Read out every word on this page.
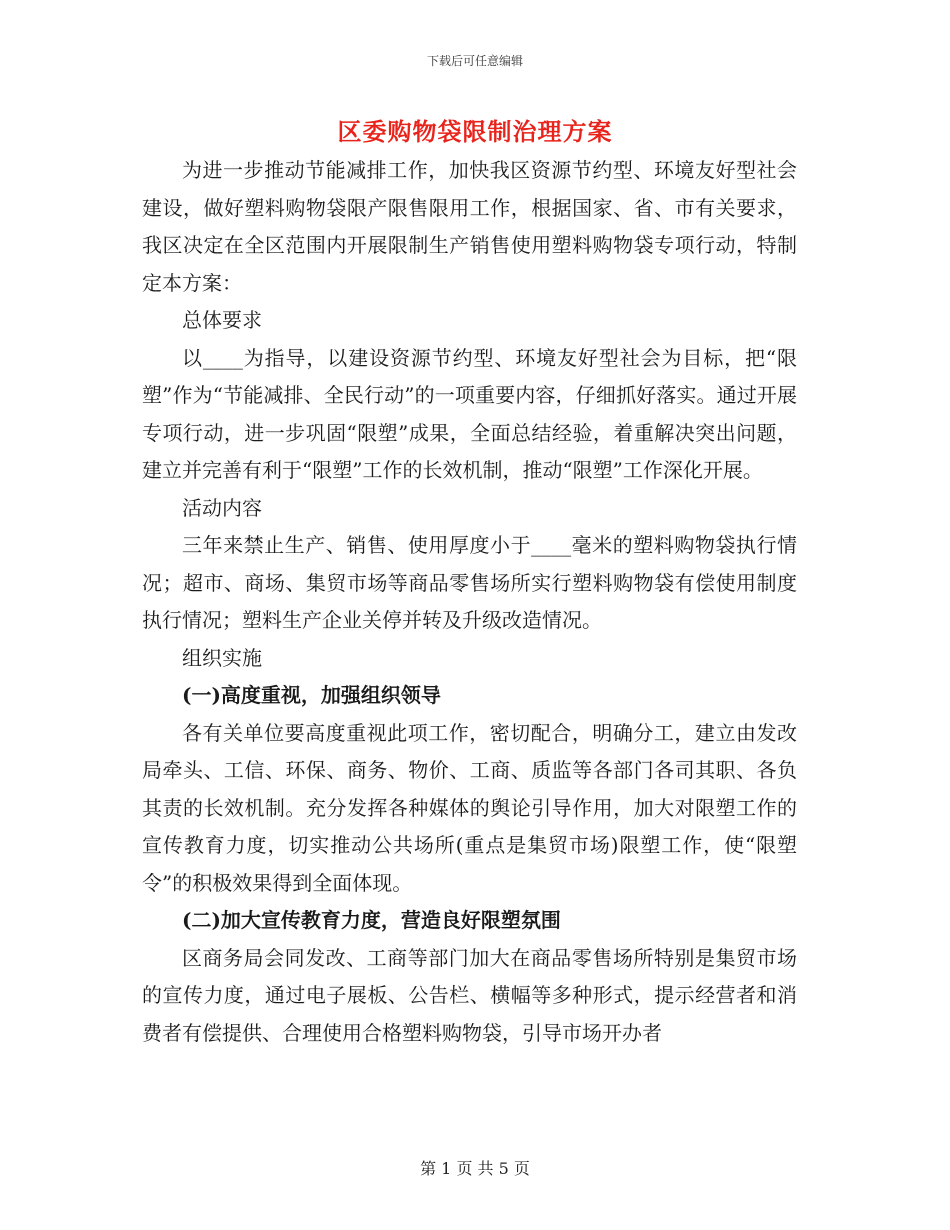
下载后可任意编辑
区委购物袋限制治理方案

为进一步推动节能减排工作，加快我区资源节约型、环境友好型社会建设，做好塑料购物袋限产限售限用工作，根据国家、省、市有关要求，我区决定在全区范围内开展限制生产销售使用塑料购物袋专项行动，特制定本方案：

总体要求

以____为指导，以建设资源节约型、环境友好型社会为目标，把“限塑”作为“节能减排、全民行动”的一项重要内容，仔细抓好落实。通过开展专项行动，进一步巩固“限塑”成果，全面总结经验，着重解决突出问题，建立并完善有利于“限塑”工作的长效机制，推动“限塑”工作深化开展。

活动内容

三年来禁止生产、销售、使用厚度小于____毫米的塑料购物袋执行情况；超市、商场、集贸市场等商品零售场所实行塑料购物袋有偿使用制度执行情况；塑料生产企业关停并转及升级改造情况。

组织实施

(一)高度重视，加强组织领导

各有关单位要高度重视此项工作，密切配合，明确分工，建立由发改局牵头、工信、环保、商务、物价、工商、质监等各部门各司其职、各负其责的长效机制。充分发挥各种媒体的舆论引导作用，加大对限塑工作的宣传教育力度，切实推动公共场所(重点是集贸市场)限塑工作，使“限塑令”的积极效果得到全面体现。

(二)加大宣传教育力度，营造良好限塑氛围

区商务局会同发改、工商等部门加大在商品零售场所特别是集贸市场的宣传力度，通过电子展板、公告栏、横幅等多种形式，提示经营者和消费者有偿提供、合理使用合格塑料购物袋，引导市场开办者

第 1 页 共 5 页
